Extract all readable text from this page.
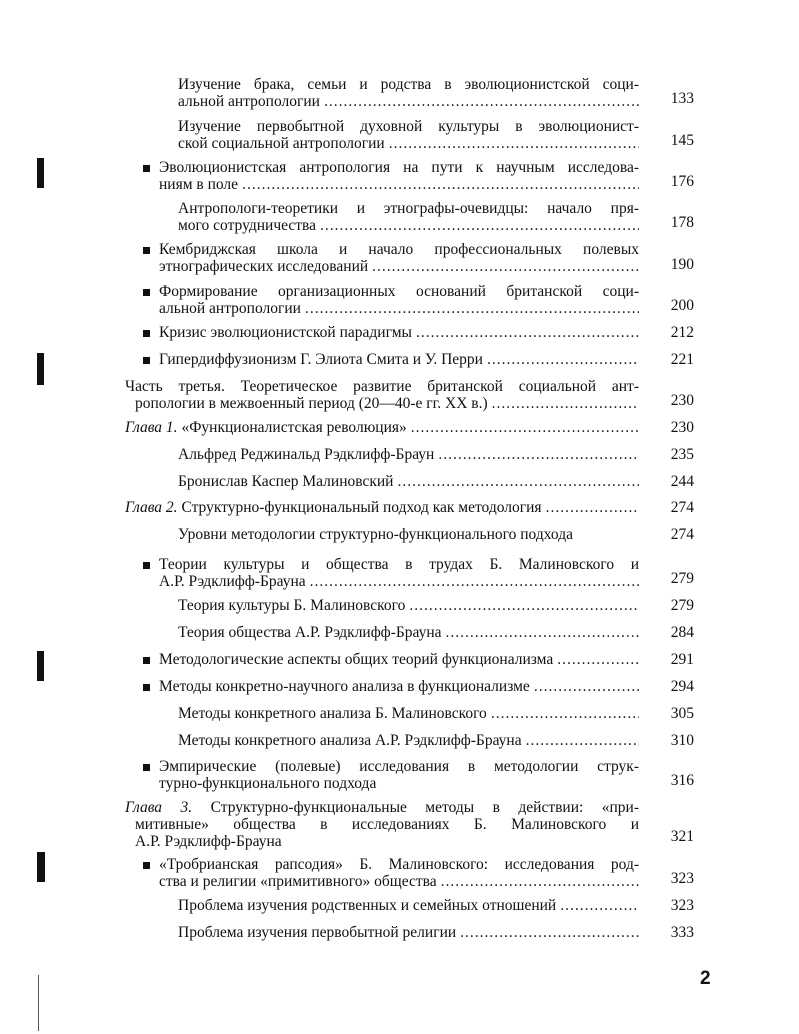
Изучение брака, семьи и родства в эволюционистской соци-
альной антропологии .....	133
Изучение первобытной духовной культуры в эволюционист-
ской социальной антропологии .....	145
Эволюционистская антропология на пути к научным исследова-
ниям в поле .....	176
Антропологи-теоретики и этнографы-очевидцы: начало пря-
мого сотрудничества .....	178
Кембриджская школа и начало профессиональных полевых
этнографических исследований .....	190
Формирование организационных оснований британской соци-
альной антропологии .....	200
Кризис эволюционистской парадигмы .....	212
Гипердиффузионизм Г. Элиота Смита и У. Перри .....	221
Часть третья. Теоретическое развитие британской социальной ант-
ропологии в межвоенный период (20—40-е гг. XX в.) .....	230
Глава 1.
«Функционалистская революция» .....	230
Альфред Реджинальд Рэдклифф-Браун .....	235
Бронислав Каспер Малиновский .....	244
Глава 2.
Структурно-функциональный подход как методология .....	274
Уровни методологии структурно-функционального подхода	274
Теории культуры и общества в трудах Б. Малиновского и
А.Р. Рэдклифф-Брауна .....	279
Теория культуры Б. Малиновского .....	279
Теория общества А.Р. Рэдклифф-Брауна .....	284
Методологические аспекты общих теорий функционализма .....	291
Методы конкретно-научного анализа в функционализме .....	294
Методы конкретного анализа Б. Малиновского .....	305
Методы конкретного анализа А.Р. Рэдклифф-Брауна .....	310
Эмпирические (полевые) исследования в методологии струк-
турно-функционального подхода	316
Глава 3. Структурно-функциональные методы в действии: «при-
митивные» общества в исследованиях Б. Малиновского и
А.Р. Рэдклифф-Брауна	321
«Тробрианская рапсодия» Б. Малиновского: исследования род-
ства и религии «примитивного» общества .....	323
Проблема изучения родственных и семейных отношений .....	323
Проблема изучения первобытной религии .....	333
2
